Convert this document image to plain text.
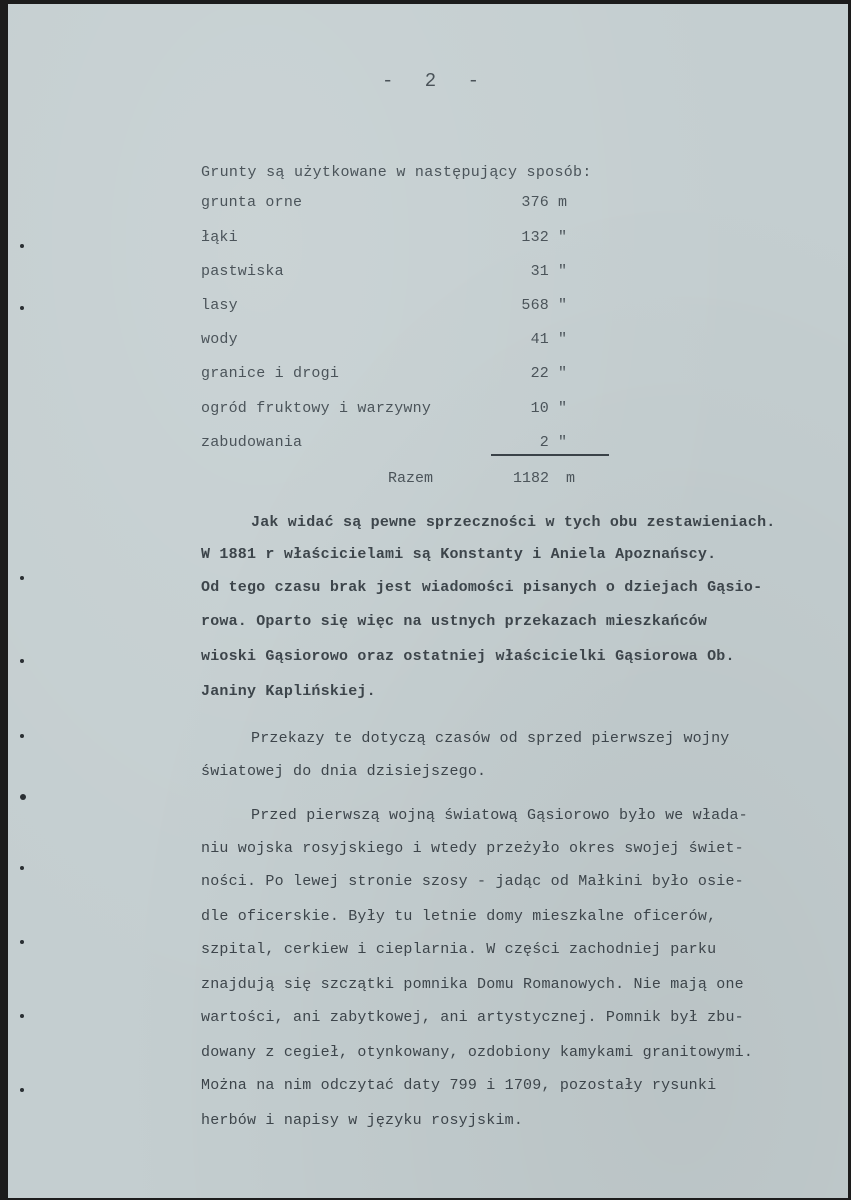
- 2 -
Grunty są użytkowane w następujący sposób:
grunta orne	376 m
łąki	132 "
pastwiska	31 "
lasy	568 "
wody	41 "
granice i drogi	22 "
ogród fruktowy i warzywny	10 "
zabudowania	2 "
Razem	1182 m
Jak widać są pewne sprzeczności w tych obu zestawieniach.
W 1881 r właścicielami są Konstanty i Aniela Apoznańscy.
Od tego czasu brak jest wiadomości pisanych o dziejach Gąsio-
rowa. Oparto się więc na ustnych przekazach mieszkańców
wioski Gąsiorowo oraz ostatniej właścicielki Gąsiorowa Ob.
Janiny Kaplińskiej.
Przekazy te dotyczą czasów od sprzed pierwszej wojny
światowej do dnia dzisiejszego.
Przed pierwszą wojną światową Gąsiorowo było we włada-
niu wojska rosyjskiego i wtedy przeżyło okres swojej świet-
ności. Po lewej stronie szosy - jadąc od Małkini było osie-
dle oficerskie. Były tu letnie domy mieszkalne oficerów,
szpital, cerkiew i cieplarnia. W części zachodniej parku
znajdują się szczątki pomnika Domu Romanowych. Nie mają one
wartości, ani zabytkowej, ani artystycznej. Pomnik był zbu-
dowany z cegieł, otynkowany, ozdobiony kamykami granitowymi.
Można na nim odczytać daty 799 i 1709, pozostały rysunki
herbów i napisy w języku rosyjskim.
